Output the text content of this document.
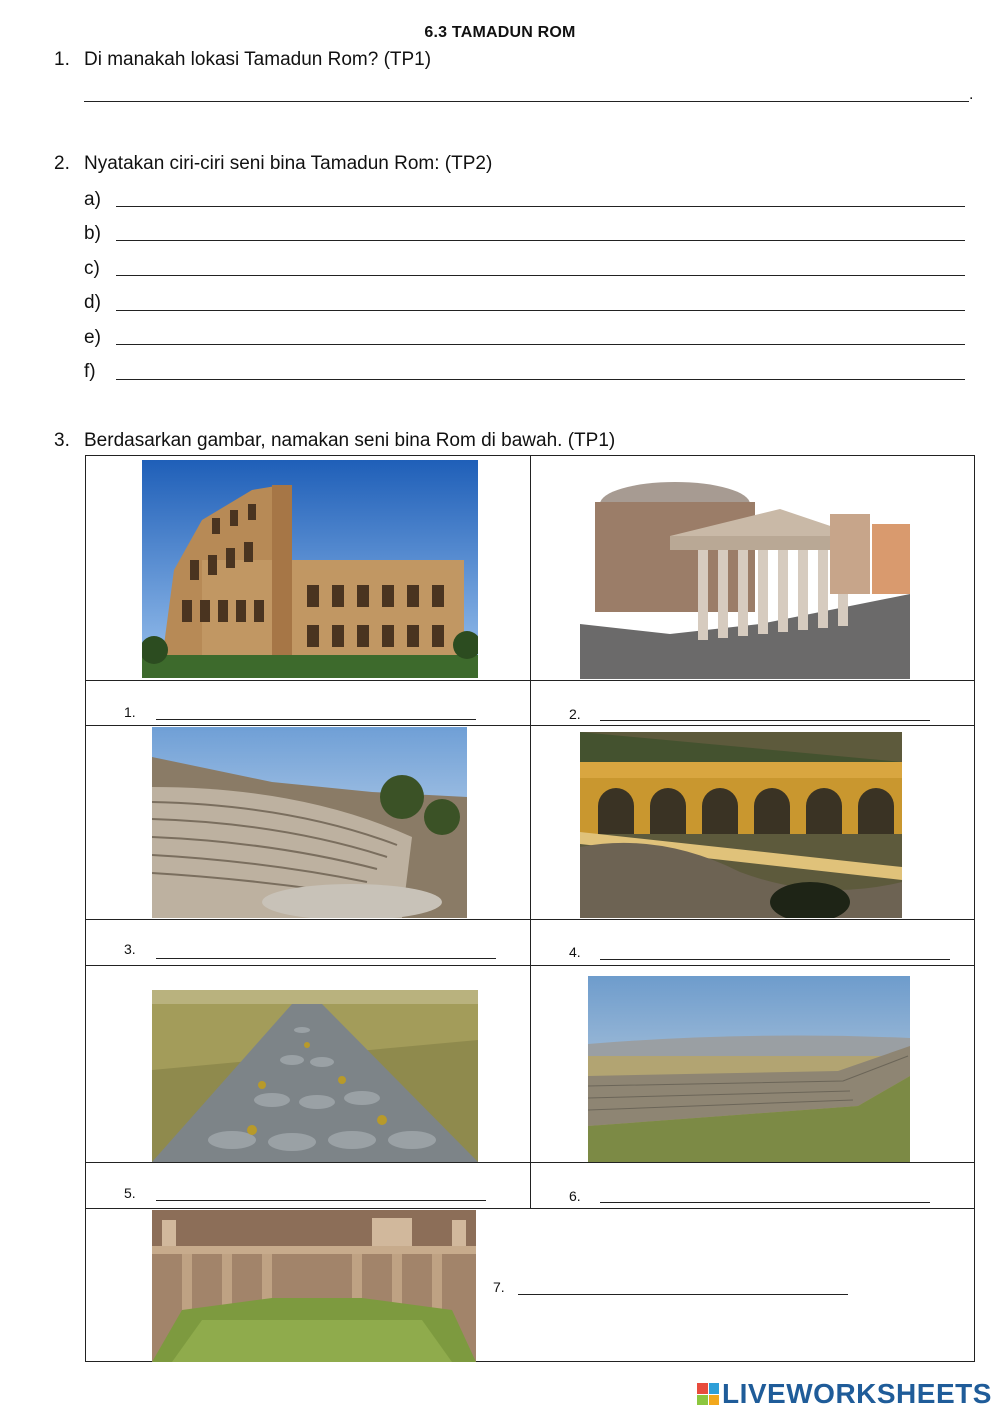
6.3 TAMADUN ROM
1. Di manakah lokasi Tamadun Rom? (TP1)
.
2. Nyatakan ciri-ciri seni bina Tamadun Rom: (TP2)
a)
b)
c)
d)
e)
f)
3. Berdasarkan gambar, namakan seni bina Rom di bawah. (TP1)
1.	2.
3.	4.
5.	6.
7.
LIVEWORKSHEETS
